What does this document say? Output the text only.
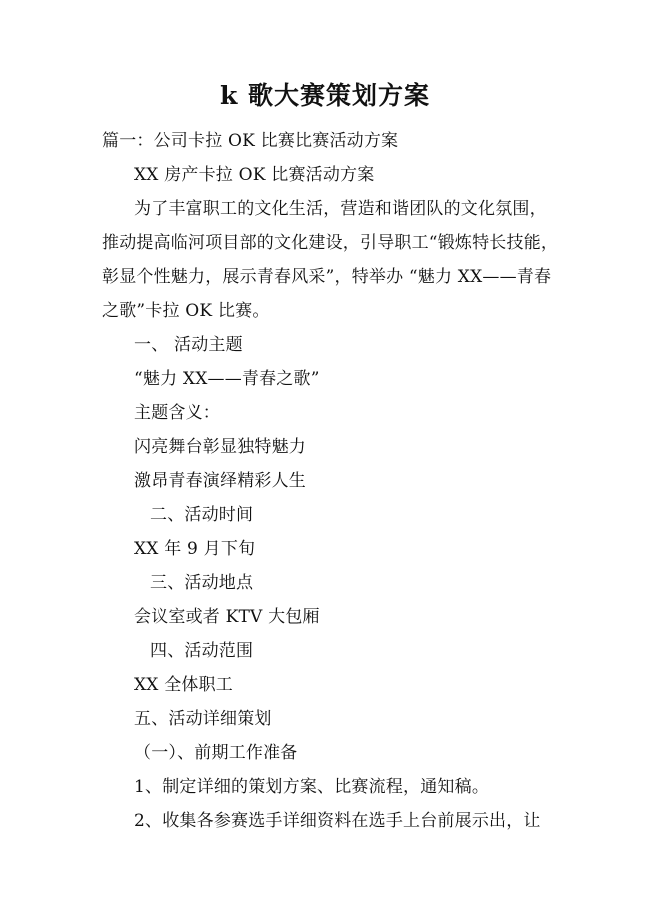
k 歌大赛策划方案
篇一：公司卡拉 OK 比赛比赛活动方案
XX 房产卡拉 OK 比赛活动方案
为了丰富职工的文化生活，营造和谐团队的文化氛围，
推动提高临河项目部的文化建设，引导职工“锻炼特长技能，
彰显个性魅力，展示青春风采”，特举办 “魅力 XX——青春
之歌”卡拉 OK 比赛。
一、 活动主题
“魅力 XX——青春之歌”
主题含义：
闪亮舞台彰显独特魅力
激昂青春演绎精彩人生
二、活动时间
XX 年 9 月下旬
三、活动地点
会议室或者 KTV 大包厢
四、活动范围
XX 全体职工
五、活动详细策划
（一）、前期工作准备
1、制定详细的策划方案、比赛流程，通知稿。
2、收集各参赛选手详细资料在选手上台前展示出，让
